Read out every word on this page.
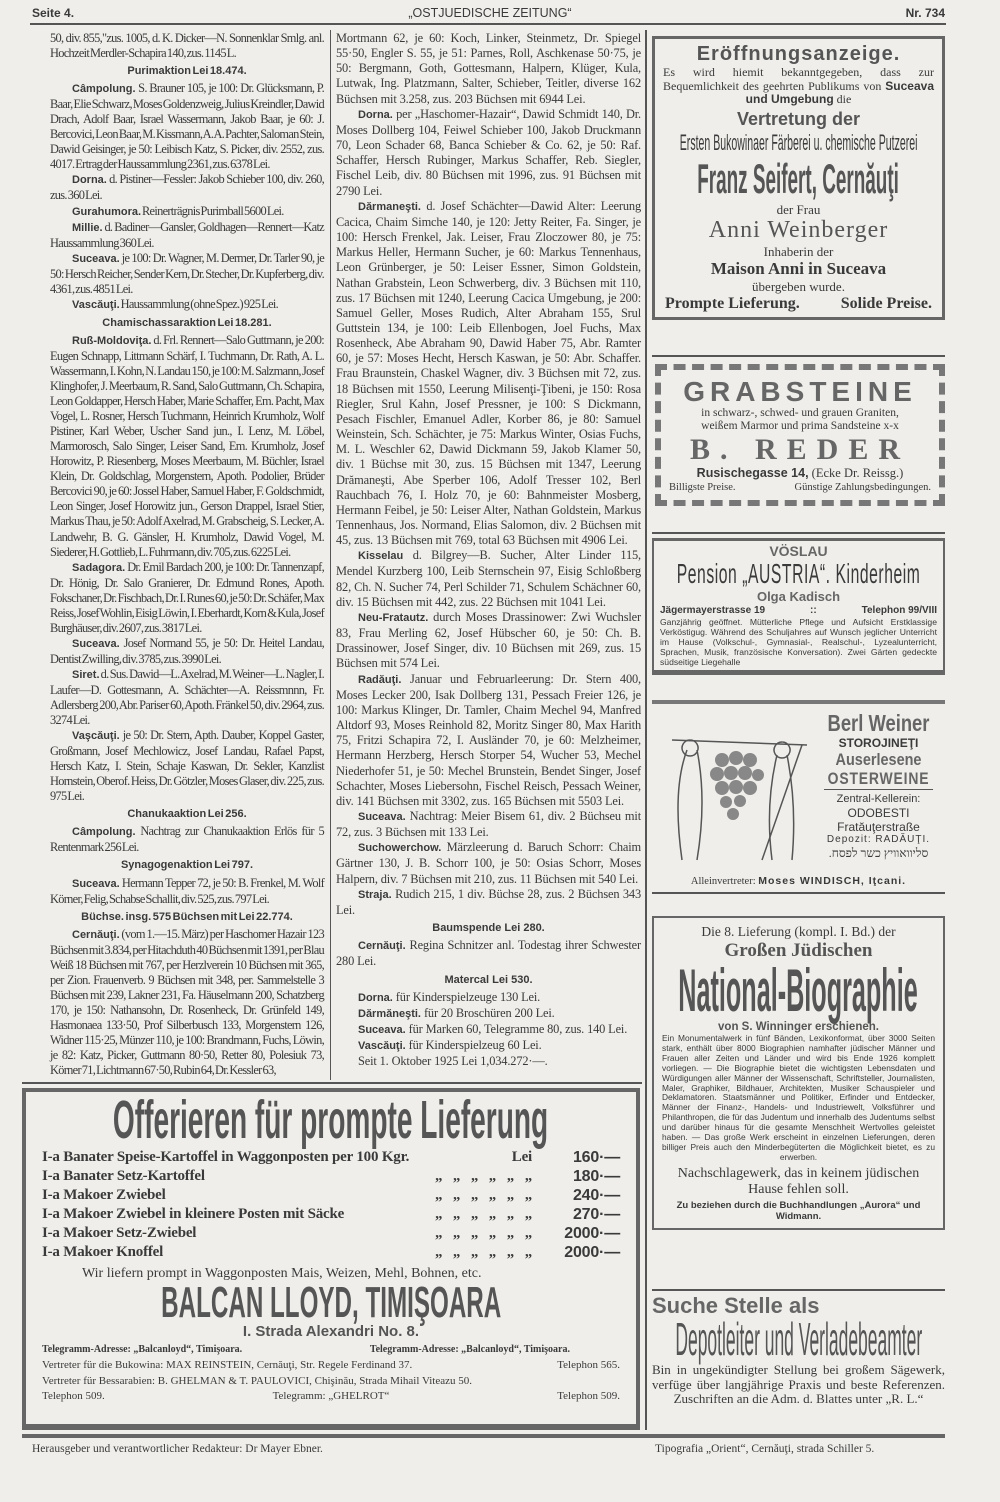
Seite 4.	„OSTJUEDISCHE ZEITUNG“	Nr. 734

50, div. 855,"zus. 1005, d. K. Dicker—N. Sonnenklar Smlg. anl. Hochzeit Merdler-Schapira 140, zus. 1145 L.

Purimaktion Lei 18.474.

Câmpolung. S. Brauner 105, je 100: Dr. Glücksmann, P. Baar, Elie Schwarz, Moses Goldenzweig, Julius Kreindler, Dawid Drach, Adolf Baar, Israel Wassermann, Jakob Baar, je 60: J. Bercovici, Leon Baar, M. Kissmann, A. A. Pachter, Saloman Stein, Dawid Geisinger, je 50: Leibisch Katz, S. Picker, div. 2552, zus. 4017. Ertrag der Haussammlung 2361, zus. 6378 Lei.

Dorna. d. Pistiner—Fessler: Jakob Schieber 100, div. 260, zus. 360 Lei.

Gurahumora. Reinerträgnis Purimball 5600 Lei.

Millie. d. Badiner—Gansler, Goldhagen—Rennert—Katz Haussammlung 360 Lei.

Suceava. je 100: Dr. Wagner, M. Dermer, Dr. Tarler 90, je 50: Hersch Reicher, Sender Kern, Dr. Stecher, Dr. Kupferberg, div. 4361, zus. 4851 Lei.

Vascăuţi. Haussammlung (ohne Spez.) 925 Lei.

Chamischassaraktion Lei 18.281.

Ruß-Moldoviţa. d. Frl. Rennert—Salo Guttmann, je 200: Eugen Schnapp, Littmann Schärf, I. Tuchmann, Dr. Rath, A. L. Wassermann, I. Kohn, N. Landau 150, je 100: M. Salzmann, Josef Klinghofer, J. Meerbaum, R. Sand, Salo Guttmann, Ch. Schapira, Leon Goldapper, Hersch Haber, Marie Schaffer, Em. Pacht, Max Vogel, L. Rosner, Hersch Tuchmann, Heinrich Krumholz, Wolf Pistiner, Karl Weber, Uscher Sand jun., I. Lenz, M. Löbel, Marmorosch, Salo Singer, Leiser Sand, Em. Krumholz, Josef Horowitz, P. Riesenberg, Moses Meerbaum, M. Büchler, Israel Klein, Dr. Goldschlag, Morgenstern, Apoth. Podolier, Brüder Bercovici 90, je 60: Jossel Haber, Samuel Haber, F. Goldschmidt, Leon Singer, Josef Horowitz jun., Gerson Drappel, Israel Stier, Markus Thau, je 50: Adolf Axelrad, M. Grabscheig, S. Lecker, A. Landwehr, B. G. Gänsler, H. Krumholz, Dawid Vogel, M. Siederer, H. Gottlieb, L. Fuhrmann, div. 705, zus. 6225 Lei.

Sadagora. Dr. Emil Bardach 200, je 100: Dr. Tannenzapf, Dr. Hönig, Dr. Salo Granierer, Dr. Edmund Rones, Apoth. Fokschaner, Dr. Fischbach, Dr. I. Runes 60, je 50: Dr. Schäfer, Max Reiss, Josef Wohlin, Eisig Löwin, I. Eberhardt, Korn & Kula, Josef Burghäuser, div. 2607, zus. 3817 Lei.

Suceava. Josef Normand 55, je 50: Dr. Heitel Landau, Dentist Zwilling, div. 3785, zus. 3990 Lei.

Siret. d. Sus. Dawid—L. Axelrad, M. Weiner—L. Nagler, I. Laufer—D. Gottesmann, A. Schächter—A. Reissmnnn, Fr. Adlersberg 200, Abr. Pariser 60, Apoth. Fränkel 50, div. 2964, zus. 3274 Lei.

Vaşcăuţi. je 50: Dr. Stern, Apth. Dauber, Koppel Gaster, Großmann, Josef Mechlowicz, Josef Landau, Rafael Papst, Hersch Katz, I. Stein, Schaje Kaswan, Dr. Sekler, Kanzlist Hornstein, Oberof. Heiss, Dr. Götzler, Moses Glaser, div. 225, zus. 975 Lei.

Chanukaaktion Lei 256.

Câmpolung. Nachtrag zur Chanukaaktion Erlös für 5 Rentenmark 256 Lei.

Synagogenaktion Lei 797.

Suceava. Hermann Tepper 72, je 50: B. Frenkel, M. Wolf Körner, Felig, Schabse Schallit, div. 525, zus. 797 Lei.

Büchse. insg. 575 Büchsen mit Lei 22.774.

Cernăuţi. (vom 1.—15. März) per Haschomer Hazair 123 Büchsen mit 3.834, per Hitachduth 40 Büchsen mit 1391, per Blau Weiß 18 Büchsen mit 767, per Herzlverein 10 Büchsen mit 365, per Zion. Frauenverb. 9 Büchsen mit 348, per. Sammelstelle 3 Büchsen mit 239, Lakner 231, Fa. Häuselmann 200, Schatzberg 170, je 150: Nathansohn, Dr. Rosenheck, Dr. Grünfeld 149, Hasmonaea 133·50, Prof Silberbusch 133, Morgenstern 126, Widner 115·25, Münzer 110, je 100: Brandmann, Fuchs, Löwin, je 82: Katz, Picker, Guttmann 80·50, Retter 80, Polesiuk 73, Körner 71, Lichtmann 67·50, Rubin 64, Dr. Kessler 63,

Mortmann 62, je 60: Koch, Linker, Steinmetz, Dr. Spiegel 55·50, Engler S. 55, je 51: Parnes, Roll, Aschkenase 50·75, je 50: Bergmann, Goth, Gottesmann, Halpern, Klüger, Kula, Lutwak, Ing. Platzmann, Salter, Schieber, Teitler, diverse 162 Büchsen mit 3.258, zus. 203 Büchsen mit 6944 Lei.

Dorna. per „Haschomer-Hazair“, Dawid Schmidt 140, Dr. Moses Dollberg 104, Feiwel Schieber 100, Jakob Druckmann 70, Leon Schader 68, Banca Schieber & Co. 62, je 50: Raf. Schaffer, Hersch Rubinger, Markus Schaffer, Reb. Siegler, Fischel Leib, div. 80 Büchsen mit 1996, zus. 91 Büchsen mit 2790 Lei.

Dărmaneşti. d. Josef Schächter—Dawid Alter: Leerung Cacica, Chaim Simche 140, je 120: Jetty Reiter, Fa. Singer, je 100: Hersch Frenkel, Jak. Leiser, Frau Zloczower 80, je 75: Markus Heller, Hermann Sucher, je 60: Markus Tennenhaus, Leon Grünberger, je 50: Leiser Essner, Simon Goldstein, Nathan Grabstein, Leon Schwerberg, div. 3 Büchsen mit 110, zus. 17 Büchsen mit 1240, Leerung Cacica Umgebung, je 200: Samuel Geller, Moses Rudich, Alter Abraham 155, Srul Guttstein 134, je 100: Leib Ellenbogen, Joel Fuchs, Max Rosenheck, Abe Abraham 90, Dawid Haber 75, Abr. Ramter 60, je 57: Moses Hecht, Hersch Kaswan, je 50: Abr. Schaffer. Frau Braunstein, Chaskel Wagner, div. 3 Büchsen mit 72, zus. 18 Büchsen mit 1550, Leerung Milisenţi-Ţibeni, je 150: Rosa Riegler, Srul Kahn, Josef Pressner, je 100: S Dickmann, Pesach Fischler, Emanuel Adler, Korber 86, je 80: Samuel Weinstein, Sch. Schächter, je 75: Markus Winter, Osias Fuchs, M. L. Weschler 62, Dawid Dickmann 59, Jakob Klamer 50, div. 1 Büchse mit 30, zus. 15 Büchsen mit 1347, Leerung Drămaneşti, Abe Sperber 106, Adolf Tresser 102, Berl Rauchbach 76, I. Holz 70, je 60: Bahnmeister Mosberg, Hermann Feibel, je 50: Leiser Alter, Nathan Goldstein, Markus Tennenhaus, Jos. Normand, Elias Salomon, div. 2 Büchsen mit 45, zus. 13 Büchsen mit 769, total 63 Büchsen mit 4906 Lei.

Kisselau d. Bilgrey—B. Sucher, Alter Linder 115, Mendel Kurzberg 100, Leib Sternschein 97, Eisig Schloßberg 82, Ch. N. Sucher 74, Perl Schilder 71, Schulem Schächner 60, div. 15 Büchsen mit 442, zus. 22 Büchsen mit 1041 Lei.

Neu-Fratautz. durch Moses Drassinower: Zwi Wuchsler 83, Frau Merling 62, Josef Hübscher 60, je 50: Ch. B. Drassinower, Josef Singer, div. 10 Büchsen mit 269, zus. 15 Büchsen mit 574 Lei.

Radăuţi. Januar und Februarleerung: Dr. Stern 400, Moses Lecker 200, Isak Dollberg 131, Pessach Freier 126, je 100: Markus Klinger, Dr. Tamler, Chaim Mechel 94, Manfred Altdorf 93, Moses Reinhold 82, Moritz Singer 80, Max Harith 75, Fritzi Schapira 72, I. Ausländer 70, je 60: Melzheimer, Hermann Herzberg, Hersch Storper 54, Wucher 53, Mechel Niederhofer 51, je 50: Mechel Brunstein, Bendet Singer, Josef Schachter, Moses Liebersohn, Fischel Reisch, Pessach Weiner, div. 141 Büchsen mit 3302, zus. 165 Büchsen mit 5503 Lei.

Suceava. Nachtrag: Meier Bisem 61, div. 2 Büchseu mit 72, zus. 3 Büchsen mit 133 Lei.

Suchowerchow. Märzleerung d. Baruch Schorr: Chaim Gärtner 130, J. B. Schorr 100, je 50: Osias Schorr, Moses Halpern, div. 7 Büchsen mit 210, zus. 11 Büchsen mit 540 Lei.

Straja. Rudich 215, 1 div. Büchse 28, zus. 2 Büchsen 343 Lei.

Baumspende Lei 280.

Cernăuţi. Regina Schnitzer anl. Todestag ihrer Schwester 280 Lei.

Matercal Lei 530.

Dorna. für Kinderspielzeuge 130 Lei.

Dărmăneşti. für 20 Broschüren 200 Lei.

Suceava. für Marken 60, Telegramme 80, zus. 140 Lei.

Vascăuţi. für Kinderspielzeug 60 Lei.

Seit 1. Oktober 1925 Lei 1,034.272·—.

Eröffnungsanzeige.
Es wird hiemit bekanntgegeben, dass zur Bequemlichkeit des geehrten Publikums von Suceava und Umgebung die
Vertretung der
Ersten Bukowinaer Färberei u. chemische Putzerei
Franz Seifert, Cernăuţi
der Frau
Anni Weinberger
Inhaberin der
Maison Anni in Suceava
übergeben wurde.
Prompte Lieferung.	Solide Preise.
GRABSTEINE
in schwarz-, schwed- und grauen Graniten,
weißem Marmor und prima Sandsteine x-x
B. REDER
Rusischegasse 14, (Ecke Dr. Reissg.)
Billigste Preise.	Günstige Zahlungsbedingungen.
VÖSLAU
Pension „AUSTRIA“. Kinderheim
Olga Kadisch
Jägermayerstrasse 19	::	Telephon 99/VIII
Ganzjährig geöffnet. Mütterliche Pflege und Aufsicht Erstklassige Verköstigug. Während des Schuljahres auf Wunsch jeglicher Unterricht im Hause (Volkschul-, Gymnasial-, Realschul-, Lyzealunterricht, Sprachen, Musik, französische Konversation). Zwei Gärten gedeckte südseitige Liegehalle
Berl Weiner
STOROJINEŢI
Auserlesene
OSTERWEINE
Zentral-Kellerein:
ODOBESTI
Fratăuţerstraße
Depozit: RADĂUŢI.
סליוואוויץ כשר לפסח.
Alleinvertreter: Moses WINDISCH, Iţcani.
Die 8. Lieferung (kompl. I. Bd.) der
Großen Jüdischen
National-Biographie
von S. Winninger erschienen.
Ein Monumentalwerk in fünf Bänden, Lexikonformat, über 3000 Seiten stark, enthält über 8000 Biographien namhafter jüdischer Männer und Frauen aller Zeiten und Länder und wird bis Ende 1926 komplett vorliegen. — Die Biographie bietet die wichtigsten Lebensdaten und Würdigungen aller Männer der Wissenschaft, Schriftsteller, Journalisten, Maler, Graphiker, Bildhauer, Architekten, Musiker Schauspieler und Deklamatoren. Staatsmänner und Politiker, Erfinder und Entdecker, Männer der Finanz-, Handels- und Industriewelt, Volksführer und Philanthropen, die für das Judentum und innerhalb des Judentums selbst und darüber hinaus für die gesamte Menschheit Wertvolles geleistet haben. — Das große Werk erscheint in einzelnen Lieferungen, deren billiger Preis auch den Minderbegüterten die Möglichkeit bietet, es zu erwerben.
Nachschlagewerk, das in keinem jüdischen Hause fehlen soll.
Zu beziehen durch die Buchhandlungen „Aurora“ und Widmann.
Suche Stelle als
Depotleiter und Verladebeamter
Bin in ungekündigter Stellung bei großem Sägewerk, verfüge über langjährige Praxis und beste Referenzen. Zuschriften an die Adm. d. Blattes unter „R. L.“
Offerieren für prompte Lieferung
I-a Banater Speise-Kartoffel in Waggonposten per 100 Kgr.	Lei	160·—
I-a Banater Setz-Kartoffel	„   „   „   „   „   „	180·—
I-a Makoer Zwiebel	„   „   „   „   „   „	240·—
I-a Makoer Zwiebel in kleinere Posten mit Säcke	„   „   „   „   „   „	270·—
I-a Makoer Setz-Zwiebel	„   „   „   „   „   „	2000·—
I-a Makoer Knoffel	„   „   „   „   „   „	2000·—
Wir liefern prompt in Waggonposten Mais, Weizen, Mehl, Bohnen, etc.
BALCAN LLOYD, TIMIŞOARA
I. Strada Alexandri No. 8.
Telegramm-Adresse: „Balcanloyd“, Timişoara.	Telegramm-Adresse: „Balcanloyd“, Timişoara.
Vertreter für die Bukowina: MAX REINSTEIN, Cernăuţi, Str. Regele Ferdinand 37.	Telephon 565.
Vertreter für Bessarabien: B. GHELMAN & T. PAULOVICI, Chişinău, Strada Mihail Viteazu 50.
Telephon 509.	Telegramm: „GHELROT“	Telephon 509.
Herausgeber und verantwortlicher Redakteur: Dr Mayer Ebner.	Tipografia „Orient“, Cernăuţi, strada Schiller 5.
